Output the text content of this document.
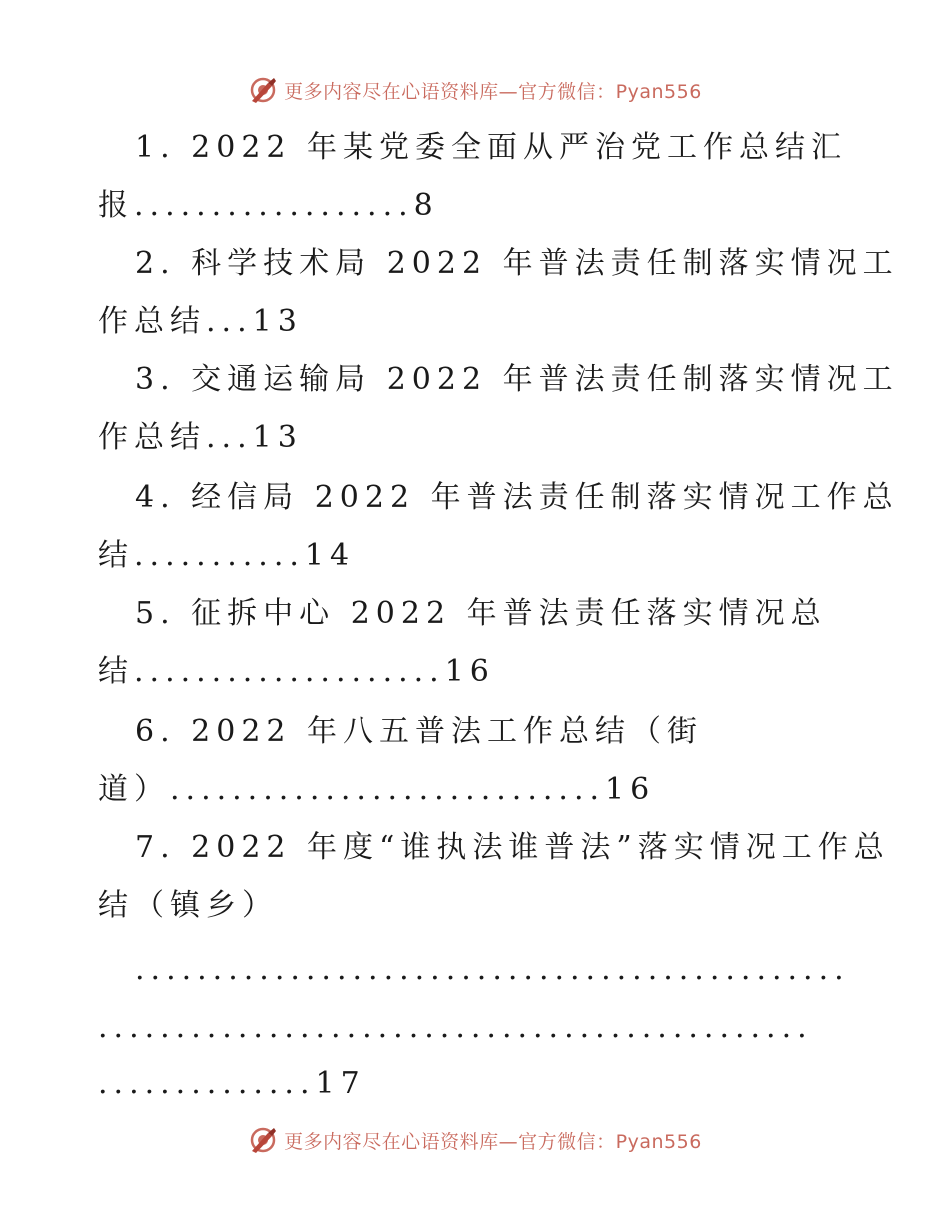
更多内容尽在心语资料库—官方微信：Pyan556
1. 2022 年某党委全面从严治党工作总结汇
报..................8
2. 科学技术局 2022 年普法责任制落实情况工
作总结...13
3. 交通运输局 2022 年普法责任制落实情况工
作总结...13
4. 经信局 2022 年普法责任制落实情况工作总
结...........14
5. 征拆中心 2022 年普法责任落实情况总
结....................16
6. 2022 年八五普法工作总结（街
道）............................16
7. 2022 年度“谁执法谁普法”落实情况工作总
结（镇乡）
..............................................
..............................................
..............17
更多内容尽在心语资料库—官方微信：Pyan556
